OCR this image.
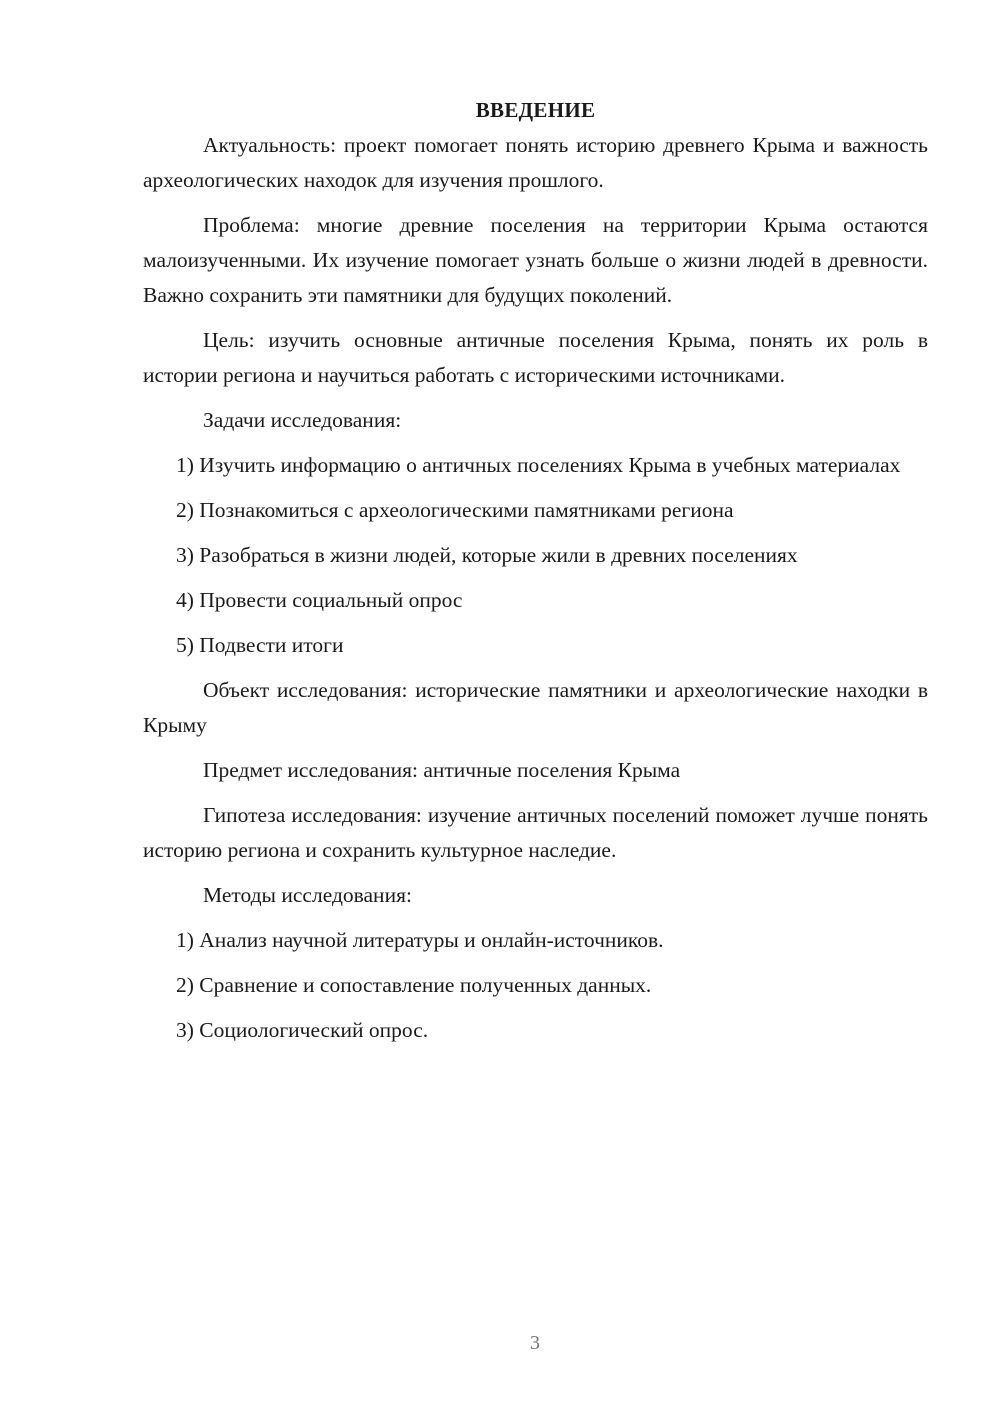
ВВЕДЕНИЕ

Актуальность: проект помогает понять историю древнего Крыма и важность археологических находок для изучения прошлого.

Проблема: многие древние поселения на территории Крыма остаются малоизученными. Их изучение помогает узнать больше о жизни людей в древности. Важно сохранить эти памятники для будущих поколений.

Цель: изучить основные античные поселения Крыма, понять их роль в истории региона и научиться работать с историческими источниками.

Задачи исследования:

1) Изучить информацию о античных поселениях Крыма в учебных материалах

2) Познакомиться с археологическими памятниками региона

3) Разобраться в жизни людей, которые жили в древних поселениях

4) Провести социальный опрос

5) Подвести итоги

Объект исследования: исторические памятники и археологические находки в Крыму

Предмет исследования: античные поселения Крыма

Гипотеза исследования: изучение античных поселений поможет лучше понять историю региона и сохранить культурное наследие.

Методы исследования:

1) Анализ научной литературы и онлайн-источников.

2) Сравнение и сопоставление полученных данных.

3) Социологический опрос.

3
